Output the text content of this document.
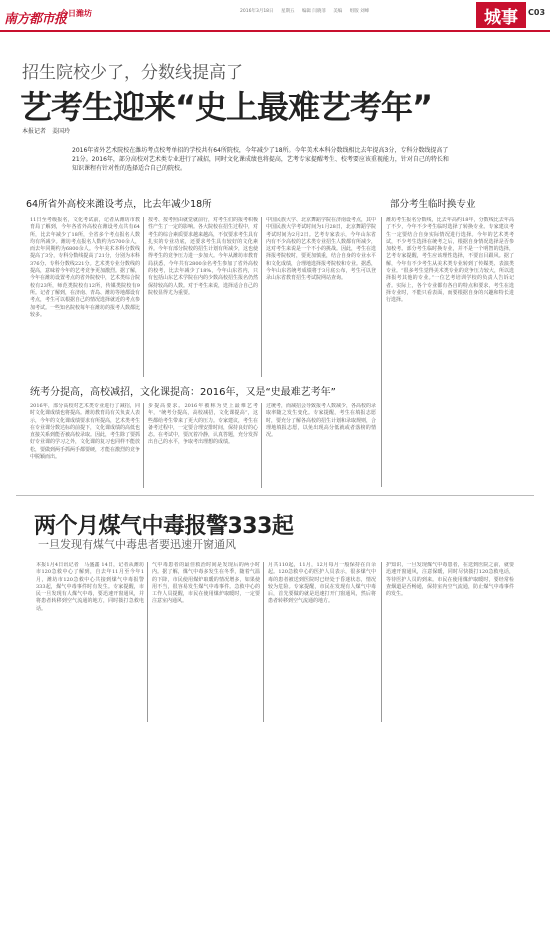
南方都市报
今日潍坊	2016年3月18日 星期五 编辑 闫晓菲 美编 组版 刘峰	城事 C03
招生院校少了，分数线提高了
艺考生迎来“史上最难艺考年”
本报记者　姜国玲
2016年省外艺术院校在潍坊考点校考单招的学校共有64所院校，今年减少了18所。今年美术本科分数线相比去年提高3分，专科分数线提高了21分。2016年，部分高校对艺术类专业进行了减招，同时文化课成绩也将提高，艺考专家提醒考生、校考要应该重视能力，针对自己的特长和知识课程有针对性的选择适合自己的院校。
64所省外高校来潍设考点，比去年减少18所	部分考生临时换专业
11日至考级报名，文化考试前，记者从潍坊市教育局了解到，今年各省外高校在潍设考点共有64所，比去年减少了18所，全省多个考点报名人数均有所减少。潍坊考点报名人数约为5700余人，而去年同期约为6800余人。今年美术本科分数线提高了3分，专科分数线提高了21分，分别为本科376分、专科分数线221分。艺术类专业分数线的提高，意味着今年的艺考竞争更加激烈。据了解，今年在潍坊设置考点的省外院校中，艺术类综合院校有23所，师范类院校有12所，传媒类院校有9所。记者了解到，在济南、青岛、潍坊等地都设有考点，考生可以根据自己的情况选择就近的考点参加考试。一些知名院校每年在潍坊的报考人数都比较多。
按考、按考照由就觉就前行，对考生们的报考积极性产生了一定的影响。各大院校在招生过程中，对考生的综合素质要求越来越高，不仅要求考生具有扎实的专业功底，还要求考生具有较好的文化素养。今年有部分院校的招生计划有所减少，这也使得考生的竞争压力进一步加大。今年从潍坊市教育局获悉，今年共有2800余名考生参加了省外高校的校考，比去年减少了18%，今年山东省内，只有包括山东艺术学院在内的少数高校招生报名仍然保持较高的人数。对于考生来说，选择适合自己的院校显得尤为重要。
中国民族大学、北京舞蹈学院在济南设考点，其中中国民族大学考试时间为1月28日，北京舞蹈学院考试时间为2月2日。艺考专家表示，今年山东省内有不少高校的艺术类专业招生人数都有所减少，这对考生来说是一个不小的挑战。因此，考生在选择报考院校时，要更加慎重，结合自身的专业水平和文化成绩，合理地选择报考院校和专业。据悉，今年山东省统考成绩将于3月底公布，考生可以登录山东省教育招生考试院网站查询。
潍坊考生报名分数线，比去年高约18年，分数线比去年高了不少，今年不少考生临时选择了转换专业。专家建议考生一定要结合自身实际情况进行选择。今年的艺术类考试，不少考生选择在统考之后，根据自身情况选择是否参加校考。部分考生临时换专业，并不是一个明智的选择，艺考专家提醒，考生应该理性选择，不要盲目跟风。据了解，今年有不少考生从美术类专业转到了传媒类、表演类专业。“很多考生觉得美术类专业的竞争压力较大，所以选择报考其他的专业。”一位艺考培训学校的负责人告诉记者。实际上，各个专业都有各自的特点和要求，考生在选择专业时，不能只看表面，而要根据自身的兴趣和特长进行选择。
统考分提高，高校减招，文化课提高：2016年，又是“史最难艺考年”
2016年，部分高校对艺术类专业进行了减招，同时文化课成绩也将提高。潍坊教育局有关负责人表示，今年的文化课成绩要求有所提高，艺术类考生在专业课分数达标的前提下，文化课成绩的高低也直接关系到能否被高校录取。因此，考生除了要抓好专业课的学习之外，文化课的复习也同样不能放松，要做到两手抓两手都要硬，才能在激烈的竞争中脱颖而出。
步提高要求。2016年被称为史上最难艺考年，“统考分提高，高校减招，文化课提高”，这些都给考生带来了更大的压力。专家建议，考生在备考过程中，一定要合理安排时间，保持良好的心态。在考试中，要沉着冷静，认真答题，充分发挥出自己的水平，争取考出理想的成绩。
过统考，而减招会导致报考人数减少，各高校的录取率随之发生变化。专家提醒，考生在填报志愿时，要充分了解各高校的招生计划和录取规则，合理地填报志愿，以免出现高分低就或者落榜的情况。
两个月煤气中毒报警333起
一旦发现有煤气中毒患者要迅速开窗通风
本报1月4日讯记者　马盛鑫 14日，记者从潍坊市120急救中心了解到，自去年11月至今年1月，潍坊市120急救中心共接到煤气中毒报警333起，煤气中毒事件时有发生。专家提醒，市民一旦发现有人煤气中毒，要迅速开窗通风，并将患者转移到空气流通的地方，同时拨打急救电话。
气中毒患者的最佳救治时间是发现后的两小时内。据了解，煤气中毒多发生在冬季，随着气温的下降，市民使用煤炉取暖的情况增多，如果使用不当，很容易发生煤气中毒事件。急救中心的工作人员提醒，市民在使用煤炉取暖时，一定要注意室内通风。
月共110起，11月，12月每月一般保持在百余起。120急救中心的医护人员表示，很多煤气中毒的患者被送到医院时已经处于昏迷状态，情况较为危险。专家提醒，市民在发现有人煤气中毒后，首先要做的就是迅速打开门窗通风，然后将患者转移到空气流通的地方。
护知识，一旦发现煤气中毒患者，在送到医院之前，就要迅速开窗通风，注意保暖，同时尽快拨打120急救电话，等待医护人员的到来。市民在使用煤炉取暖时，要经常检查烟道是否畅通，保持室内空气流通，防止煤气中毒事件的发生。
